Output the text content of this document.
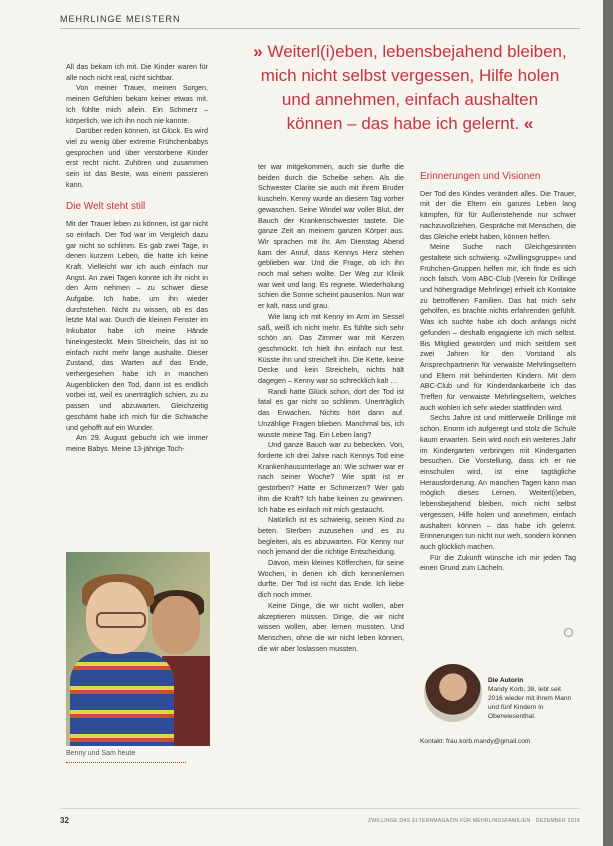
MEHRLINGE MEISTERN
» Weiterl(i)eben, lebensbejahend bleiben, mich nicht selbst vergessen, Hilfe holen und annehmen, einfach aushalten können – das habe ich gelernt. «

All das bekam ich mit. Die Kinder waren für alle noch nicht real, nicht sichtbar.

Von meiner Trauer, meinen Sorgen, meinen Gefühlen bekam keiner etwas mit. Ich fühlte mich allein. Ein Schmerz – körperlich, wie ich ihn noch nie kannte.

Darüber reden können, ist Glück. Es wird viel zu wenig über extreme Frühchenbabys gesprochen und über verstorbene Kinder erst recht nicht. Zuhören und zusammen sein ist das Beste, was einem passieren kann.

Die Welt steht still

Mit der Trauer leben zu können, ist gar nicht so einfach. Der Tod war im Vergleich dazu gar nicht so schlimm. Es gab zwei Tage, in denen kurzem Leben, die hatte ich keine Kraft. Vielleicht war ich auch einfach nur Angst. An zwei Tagen konnte ich ihr nicht in den Arm nehmen – zu schwer diese Aufgabe. Ich habe, um ihn wieder durchstehen. Nicht zu wissen, ob es das letzte Mal war. Durch die kleinen Fenster im Inkubator habe ich meine Hände hineingesteckt. Mein Streicheln, das ist so einfach nicht mehr lange aushalte. Dieser Zustand, das Warten auf das Ende, verhergesehen habe ich in manchen Augenblicken den Tod, dann ist es endlich vorbei ist, weil es unerträglich schien, zu zu passen und abzuwarten. Gleichzeitig geschämt habe ich mich für die Schwäche und gehofft auf ein Wunder.

Am 29. August gebucht ich wie immer meine Babys. Meine 13-jährige Toch-

ter war mitgekommen, auch sie durfte die beiden durch die Scheibe sehen. Als die Schwester Clarite sie auch mit ihrem Bruder kuscheln. Kenny wurde an diesem Tag vorher gewaschen. Seine Windel war voller Blut, der Bauch der Krankenschwester tastete. Die ganze Zeit an meinem ganzen Körper aus. Wir sprachen mit ihr. Am Dienstag Abend kam der Anruf, dass Kennys Herz stehen geblieben war. Und die Frage, ob ich ihn noch mal sehen wollte. Der Weg zur Klinik war weit und lang. Es regnete. Wiederholung schien die Sonne scheint pausenlos. Nun war er kalt, nass und grau.

Wie lang ich mit Kenny im Arm im Sessel saß, weiß ich nicht mehr. Es fühlte sich sehr schön an. Das Zimmer war mit Kerzen geschmückt. Ich hielt ihn einfach nur fest. Küsste ihn und streichelt ihn. Die Kette, keine Decke und kein Streicheln, nichts hält dagegen – Kenny war so schrecklich kalt …

Randi hatte Glück schon, dort der Tod ist fatal es gar nicht so schlimm. Unerträglich das Erwachen. Nichts hört dann auf. Unzählige Fragen blieben. Manchmal bis, ich wusste meine Tag. Ein Leben lang?

Und ganze Bauch war zu bebecken. Von, forderte ich drei Jahre nach Kennys Tod eine Krankenhausunterlage an: Wie schwer war er nach seiner Woche? Wie spät ist er gestorben? Hatte er Schmerzen? Wer gab ihm die Kraft? Ich habe keinen zu gewinnen. Ich habe es einfach mit mich gestaucht.

Natürlich ist es schwierig, seinen Kind zu beten. Sterben zuzusehen und es zu begleiten, als es abzuwarten. Für Kenny nur noch jemand der die richtige Entscheidung.

Davon, mein kleines Köfferchen, für seine Wochen, in denen ich dich kennenlernen durfte. Der Tod ist nicht das Ende. Ich liebe dich noch immer.

Keine Dinge, die wir nicht wollen, aber akzeptieren müssen. Dinge, die wir nicht wissen wollen, aber lernen mussten. Und Menschen, ohne die wir nicht leben können, die wir aber loslassen mussten.

Erinnerungen und Visionen

Der Tod des Kindes verändert alles. Die Trauer, mit der die Eltern ein ganzes Leben lang kämpfen, für für Außenstehende nur schwer nachzuvollziehen. Gespräche mit Menschen, die das Gleiche erlebt haben, können helfen.

Meine Suche nach Gleichgesinnten gestaltete sich schwierig. »Zwillingsgruppe« und Frühchen-Gruppen helfen mir, ich finde es sich noch falsch. Vom ABC-Club (Verein für Drillinge und höhergradige Mehrlinge) erhielt ich Kontakte zu betroffenen Familien. Das hat mich sehr geholfen, es brachte nichts erfahrenden gefühlt. Was ich suchte habe ich doch anfangs nicht gefunden – deshalb engagierte ich mich selbst. Bis Mitglied geworden und mich seitdem seit zwei Jahren für den Vorstand als Ansprechpartnerin für verwaiste Mehrlingseltern und Eltern mit behinderten Kindern. Mit dem ABC-Club und für Kinderdankarbeite ich das Treffen für verwaiste Mehrlingseltern, welches auch wohlen ich sehr wieder stattfinden wird.

Sechs Jahre ist und mittlerweile Drillinge mit schon. Enorm ich aufgeregt und stolz die Schule kaum erwarten. Sein wird noch ein weiteres Jahr im Kindergarten verbringen mit Kindergarten besuchen. Die Vorstellung, dass ich er nie einschulen wird, ist eine tagtägliche Herausforderung. An manchen Tagen kann man möglich dieses Lernen. Weiterl(i)eben, lebensbejahend bleiben, mich nicht selbst vergessen, Hilfe holen und annehmen, einfach aushalten können – das habe ich gelernt. Erinnerungen tun nicht nur weh, sondern können auch glücklich machen.

Für die Zukunft wünsche ich mir jeden Tag einen Grund zum Lächeln.

Benny und Sam heute
Die Autorin
Mandy Korb, 38, lebt seit 2016 wieder mit ihrem Mann und fünf Kindern in Oberwiesenthal.
Kontakt: frau.korb.mandy@gmail.com
32	ZWILLINGE DAS ELTERNMAGAZIN FÜR MEHRLINGSFAMILIEN · DEZEMBER 2018
